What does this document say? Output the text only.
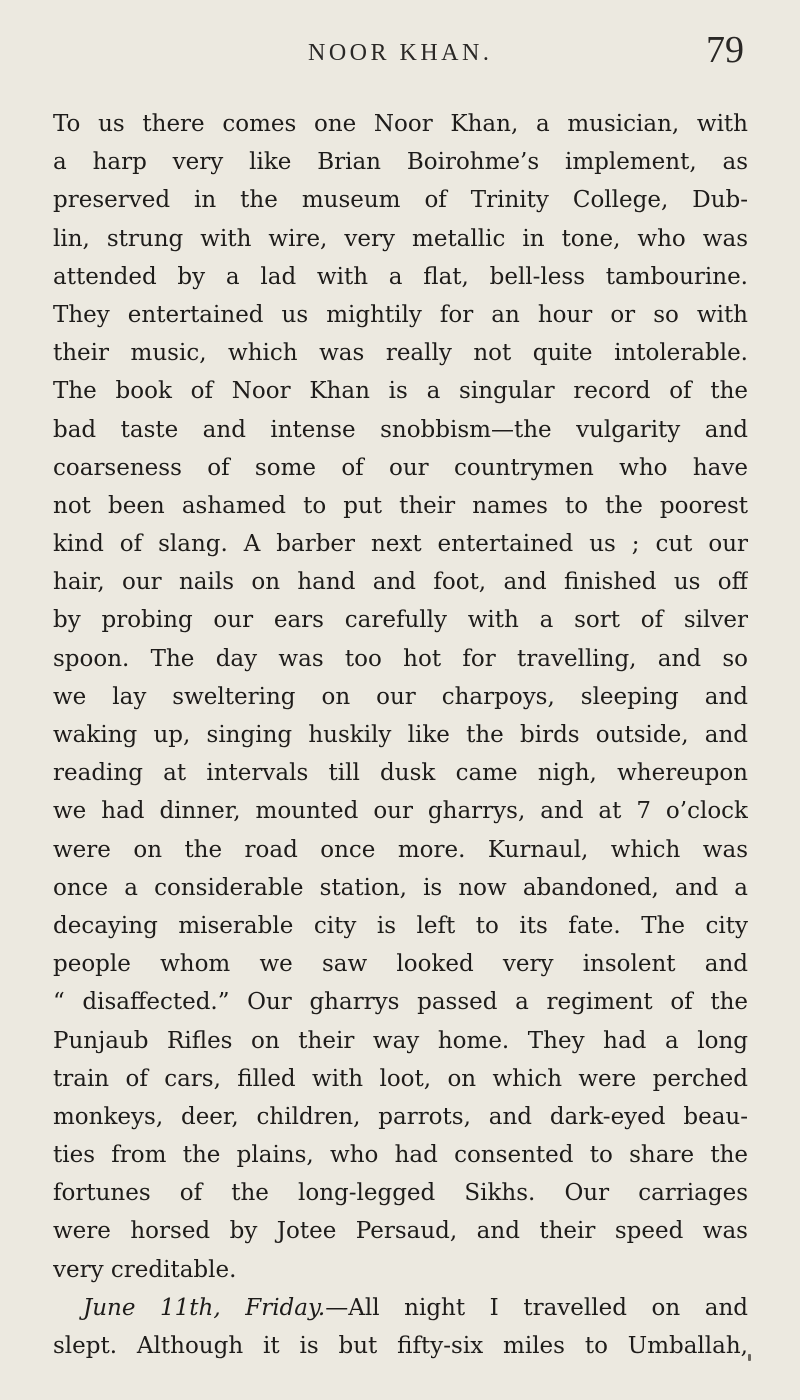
NOOR KHAN.	79
To us there comes one Noor Khan, a musician, with
a harp very like Brian Boirohme’s implement, as
preserved in the museum of Trinity College, Dub-
lin, strung with wire, very metallic in tone, who was
attended by a lad with a flat, bell-less tambourine.
They entertained us mightily for an hour or so with
their music, which was really not quite intolerable.
The book of Noor Khan is a singular record of the
bad taste and intense snobbism—the vulgarity and
coarseness of some of our countrymen who have
not been ashamed to put their names to the poorest
kind of slang. A barber next entertained us ; cut our
hair, our nails on hand and foot, and finished us off
by probing our ears carefully with a sort of silver
spoon. The day was too hot for travelling, and so
we lay sweltering on our charpoys, sleeping and
waking up, singing huskily like the birds outside, and
reading at intervals till dusk came nigh, whereupon
we had dinner, mounted our gharrys, and at 7 o’clock
were on the road once more. Kurnaul, which was
once a considerable station, is now abandoned, and a
decaying miserable city is left to its fate. The city
people whom we saw looked very insolent and
“ disaffected.” Our gharrys passed a regiment of the
Punjaub Rifles on their way home. They had a long
train of cars, filled with loot, on which were perched
monkeys, deer, children, parrots, and dark-eyed beau-
ties from the plains, who had consented to share the
fortunes of the long-legged Sikhs. Our carriages
were horsed by Jotee Persaud, and their speed was
very creditable.
June 11th, Friday.—All night I travelled on and
slept. Although it is but fifty-six miles to Umballah,
